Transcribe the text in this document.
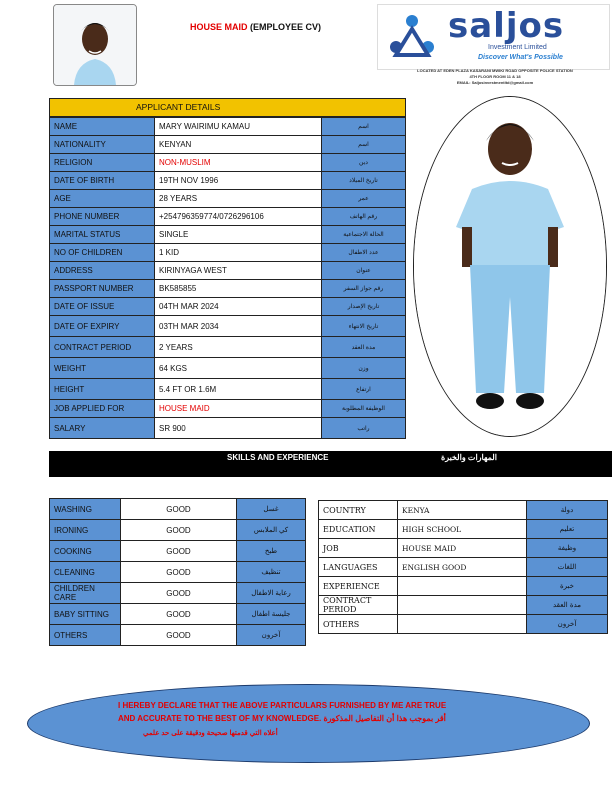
HOUSE MAID (EMPLOYEE CV)	saljos
Investment Limited
Discover What's Possible
LOCATED AT EDEN PLAZA KASARANI MWIKI ROAD OPPOSITE POLICE STATION
4TH FLOOR ROOM 11 & 18
EMAIL: Saljosinvestmentltd@gmail.com
APPLICANT DETAILS
NAME	MARY WAIRIMU KAMAU	اسم
NATIONALITY	KENYAN	اسم
RELIGION	NON-MUSLIM	دين
DATE OF BIRTH	19TH NOV 1996	تاريخ الميلاد
AGE	28 YEARS	عمر
PHONE NUMBER	+254796359774/0726296106	رقم الهاتف
MARITAL STATUS	SINGLE	الحالة الاجتماعية
NO OF CHILDREN	1 KID	عدد الاطفال
ADDRESS	KIRINYAGA WEST	عنوان
PASSPORT NUMBER	BK585855	رقم جواز السفر
DATE OF ISSUE	04TH MAR 2024	تاريخ الإصدار
DATE OF EXPIRY	03TH MAR 2034	تاريخ الانتهاء
CONTRACT PERIOD	2 YEARS	مدة العقد
WEIGHT	64 KGS	وزن
HEIGHT	5.4 FT OR 1.6M	ارتفاع
JOB APPLIED FOR	HOUSE MAID	الوظيفة المطلوبة
SALARY	SR 900	راتب
SKILLS AND EXPERIENCE	المهارات والخبرة
WASHING	GOOD	غسل
IRONING	GOOD	كي الملابس
COOKING	GOOD	طبخ
CLEANING	GOOD	تنظيف
CHILDREN CARE	GOOD	رعاية الاطفال
BABY SITTING	GOOD	جليسة اطفال
OTHERS	GOOD	آخرون
COUNTRY	KENYA	دولة
EDUCATION	HIGH SCHOOL	تعليم
JOB	HOUSE MAID	وظيفة
LANGUAGES	ENGLISH GOOD	اللغات
EXPERIENCE		خبرة
CONTRACT PERIOD		مدة العقد
OTHERS		آخرون
I HEREBY DECLARE THAT THE ABOVE PARTICULARS FURNISHED BY ME ARE TRUE
AND ACCURATE TO THE BEST OF MY KNOWLEDGE. أقر بموجب هذا أن التفاصيل المذكورة
أعلاه التي قدمتها صحيحة ودقيقة على حد علمي
